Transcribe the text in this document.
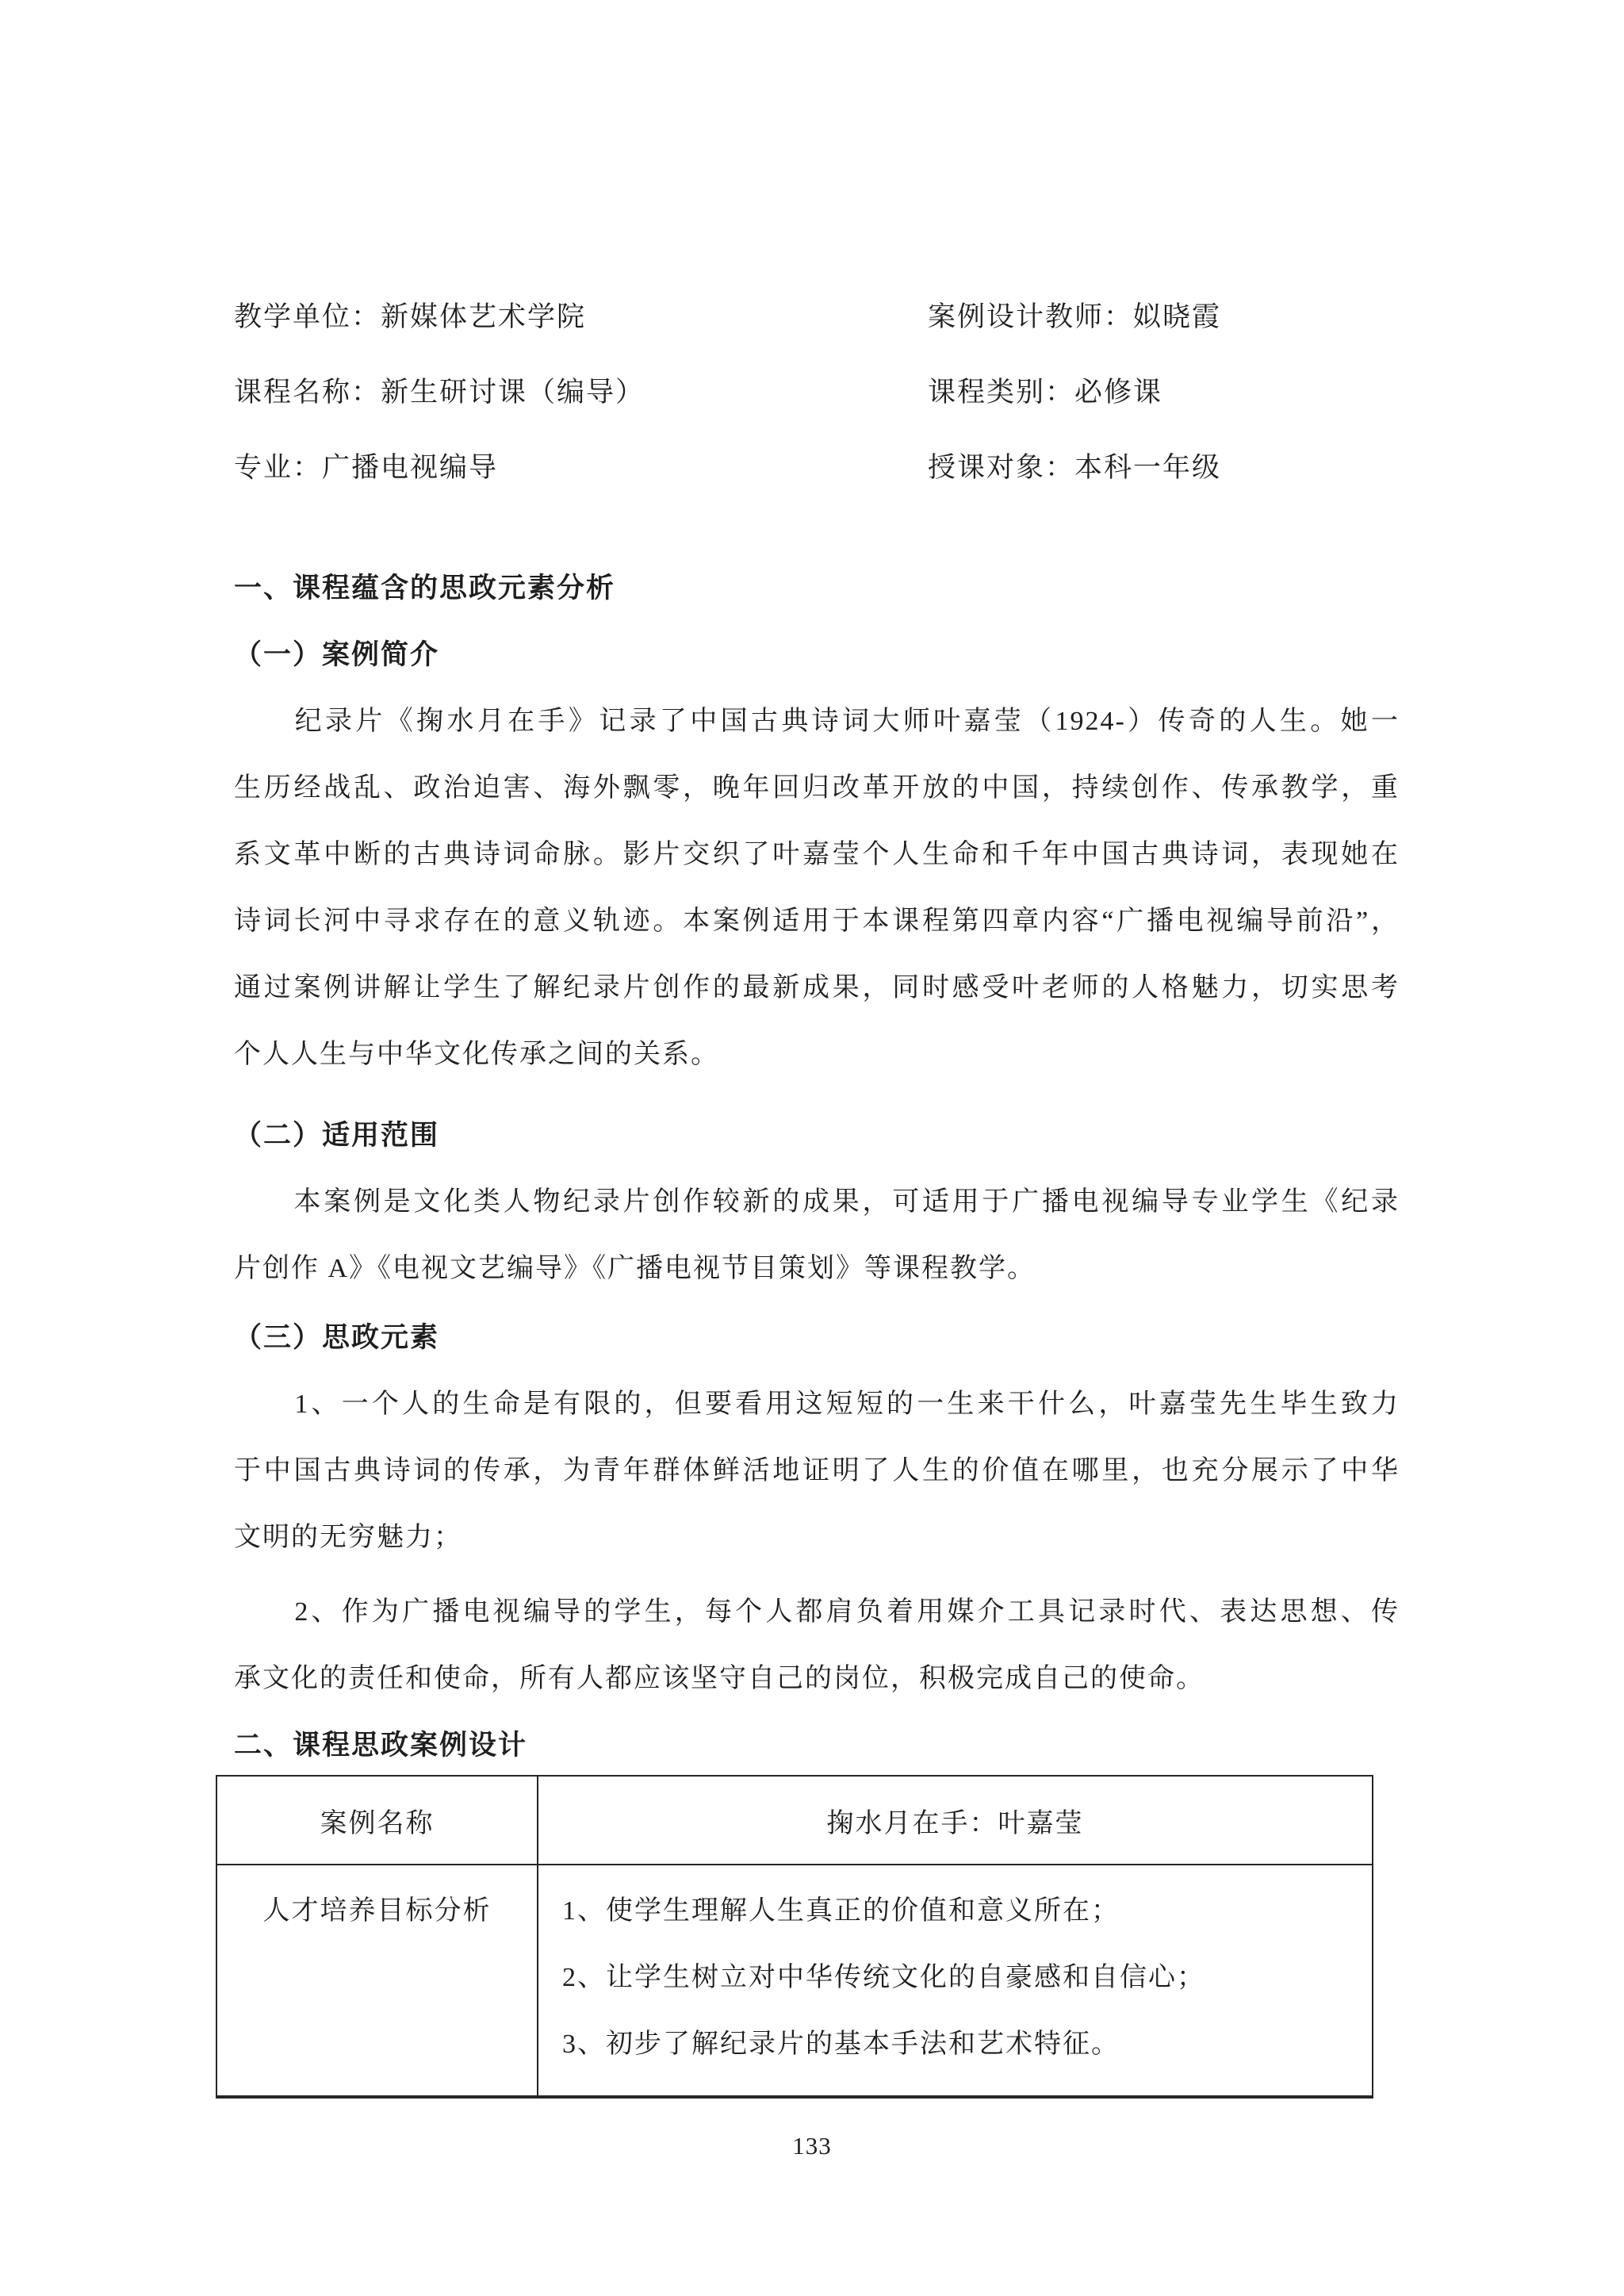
教学单位：新媒体艺术学院	案例设计教师：姒晓霞
课程名称：新生研讨课（编导）	课程类别：必修课
专业：广播电视编导	授课对象：本科一年级
一、课程蕴含的思政元素分析
（一）案例简介
　　纪录片《掬水月在手》记录了中国古典诗词大师叶嘉莹（1924-）传奇的人生。她一
生历经战乱、政治迫害、海外飘零，晚年回归改革开放的中国，持续创作、传承教学，重
系文革中断的古典诗词命脉。影片交织了叶嘉莹个人生命和千年中国古典诗词，表现她在
诗词长河中寻求存在的意义轨迹。本案例适用于本课程第四章内容“广播电视编导前沿”，
通过案例讲解让学生了解纪录片创作的最新成果，同时感受叶老师的人格魅力，切实思考
个人人生与中华文化传承之间的关系。
（二）适用范围
　　本案例是文化类人物纪录片创作较新的成果，可适用于广播电视编导专业学生《纪录
片创作 A》《电视文艺编导》《广播电视节目策划》等课程教学。
（三）思政元素
　　1、一个人的生命是有限的，但要看用这短短的一生来干什么，叶嘉莹先生毕生致力
于中国古典诗词的传承，为青年群体鲜活地证明了人生的价值在哪里，也充分展示了中华
文明的无穷魅力；
　　2、作为广播电视编导的学生，每个人都肩负着用媒介工具记录时代、表达思想、传
承文化的责任和使命，所有人都应该坚守自己的岗位，积极完成自己的使命。
二、课程思政案例设计
案例名称	掬水月在手：叶嘉莹
人才培养目标分析	1、使学生理解人生真正的价值和意义所在；
2、让学生树立对中华传统文化的自豪感和自信心；
3、初步了解纪录片的基本手法和艺术特征。
133
